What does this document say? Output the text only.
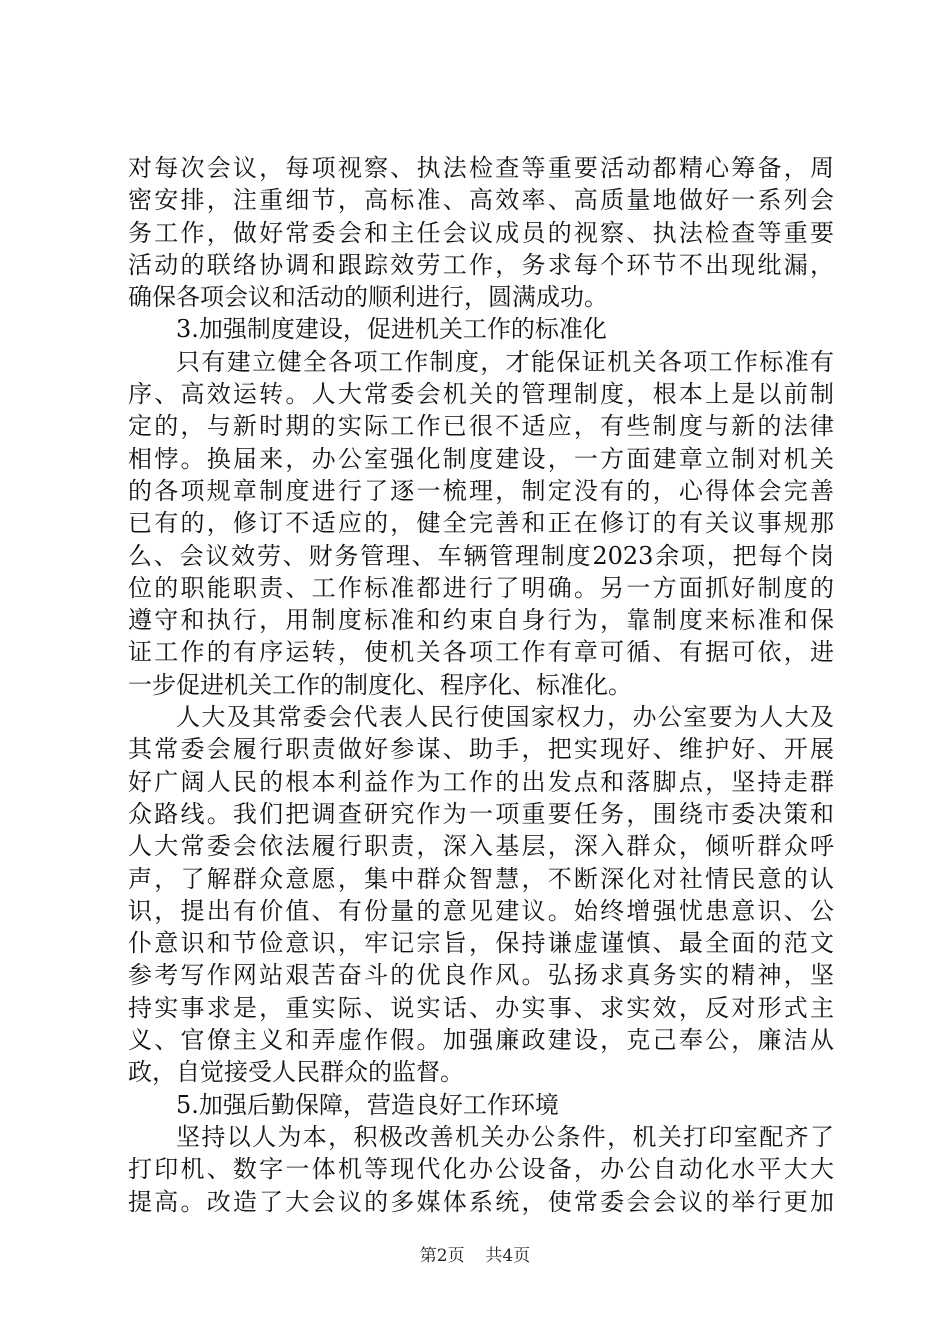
对每次会议，每项视察、执法检查等重要活动都精心筹备，周
密安排，注重细节，高标准、高效率、高质量地做好一系列会
务工作，做好常委会和主任会议成员的视察、执法检查等重要
活动的联络协调和跟踪效劳工作，务求每个环节不出现纰漏，
确保各项会议和活动的顺利进行，圆满成功。
3.加强制度建设，促进机关工作的标准化
只有建立健全各项工作制度，才能保证机关各项工作标准有
序、高效运转。人大常委会机关的管理制度，根本上是以前制
定的，与新时期的实际工作已很不适应，有些制度与新的法律
相悖。换届来，办公室强化制度建设，一方面建章立制对机关
的各项规章制度进行了逐一梳理，制定没有的，心得体会完善
已有的，修订不适应的，健全完善和正在修订的有关议事规那
么、会议效劳、财务管理、车辆管理制度2023余项，把每个岗
位的职能职责、工作标准都进行了明确。另一方面抓好制度的
遵守和执行，用制度标准和约束自身行为，靠制度来标准和保
证工作的有序运转，使机关各项工作有章可循、有据可依，进
一步促进机关工作的制度化、程序化、标准化。
人大及其常委会代表人民行使国家权力，办公室要为人大及
其常委会履行职责做好参谋、助手，把实现好、维护好、开展
好广阔人民的根本利益作为工作的出发点和落脚点，坚持走群
众路线。我们把调查研究作为一项重要任务，围绕市委决策和
人大常委会依法履行职责，深入基层，深入群众，倾听群众呼
声，了解群众意愿，集中群众智慧，不断深化对社情民意的认
识，提出有价值、有份量的意见建议。始终增强忧患意识、公
仆意识和节俭意识，牢记宗旨，保持谦虚谨慎、最全面的范文
参考写作网站艰苦奋斗的优良作风。弘扬求真务实的精神，坚
持实事求是，重实际、说实话、办实事、求实效，反对形式主
义、官僚主义和弄虚作假。加强廉政建设，克己奉公，廉洁从
政，自觉接受人民群众的监督。
5.加强后勤保障，营造良好工作环境
坚持以人为本，积极改善机关办公条件，机关打印室配齐了
打印机、数字一体机等现代化办公设备，办公自动化水平大大
提高。改造了大会议的多媒体系统，使常委会会议的举行更加
第2页 共4页
